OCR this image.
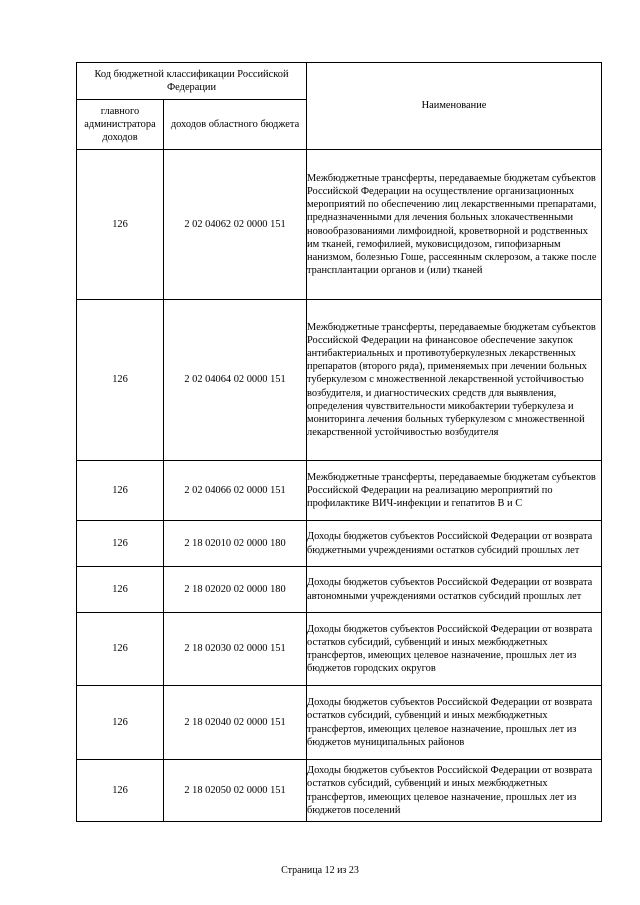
Код бюджетной классификации Российской Федерации		Наименование
главного администратора доходов	доходов областного бюджета	
126	2 02 04062 02 0000 151	Межбюджетные трансферты, передаваемые бюджетам субъектов Российской Федерации на осуществление организационных мероприятий по обеспечению лиц лекарственными препаратами, предназначенными для лечения больных злокачественными новообразованиями лимфоидной, кроветворной и родственных им тканей, гемофилией, муковисцидозом, гипофизарным нанизмом, болезнью Гоше, рассеянным склерозом, а также после трансплантации органов и (или) тканей
126	2 02 04064 02 0000 151	Межбюджетные трансферты, передаваемые бюджетам субъектов Российской Федерации на финансовое обеспечение закупок антибактериальных и противотуберкулезных лекарственных препаратов (второго ряда), применяемых при лечении больных туберкулезом с множественной лекарственной устойчивостью возбудителя, и диагностических средств для выявления, определения чувствительности микобактерии туберкулеза и мониторинга лечения больных туберкулезом с множественной лекарственной устойчивостью возбудителя
126	2 02 04066 02 0000 151	Межбюджетные трансферты, передаваемые бюджетам субъектов Российской Федерации на реализацию мероприятий по профилактике ВИЧ-инфекции и гепатитов В и С
126	2 18 02010 02 0000 180	Доходы бюджетов субъектов Российской Федерации от возврата бюджетными учреждениями остатков субсидий прошлых лет
126	2 18 02020 02 0000 180	Доходы бюджетов субъектов Российской Федерации от возврата автономными учреждениями остатков субсидий прошлых лет
126	2 18 02030 02 0000 151	Доходы бюджетов субъектов Российской Федерации от возврата остатков субсидий, субвенций и иных межбюджетных трансфертов, имеющих целевое назначение, прошлых лет из бюджетов городских округов
126	2 18 02040 02 0000 151	Доходы бюджетов субъектов Российской Федерации от возврата остатков субсидий, субвенций и иных межбюджетных трансфертов, имеющих целевое назначение, прошлых лет из бюджетов муниципальных районов
126	2 18 02050 02 0000 151	Доходы бюджетов субъектов Российской Федерации от возврата остатков субсидий, субвенций и иных межбюджетных трансфертов, имеющих целевое назначение, прошлых лет из бюджетов поселений
Страница 12 из 23
